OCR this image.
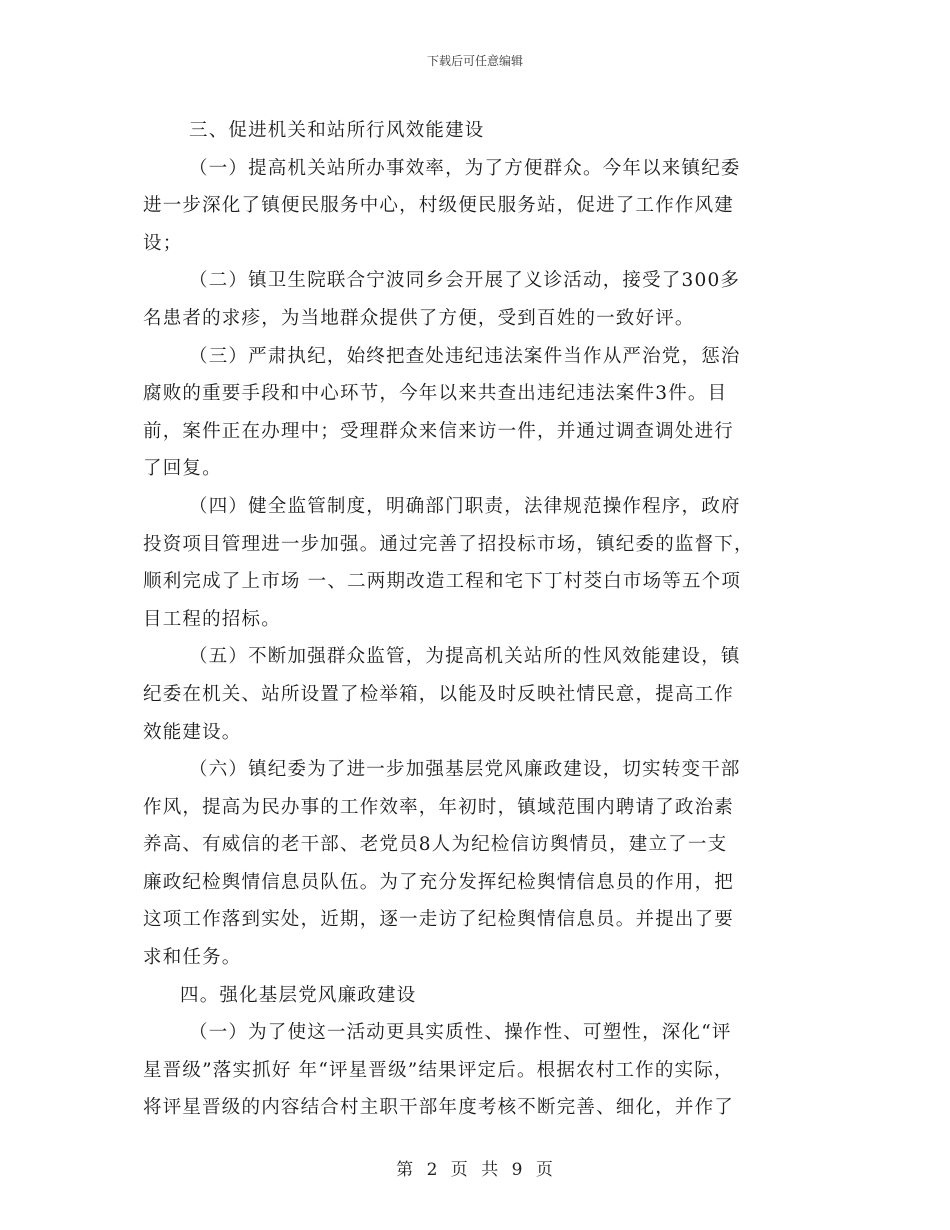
下载后可任意编辑
三、促进机关和站所行风效能建设
（一）提高机关站所办事效率，为了方便群众。今年以来镇纪委
进一步深化了镇便民服务中心，村级便民服务站，促进了工作作风建
设；
（二）镇卫生院联合宁波同乡会开展了义诊活动，接受了300多
名患者的求疹，为当地群众提供了方便，受到百姓的一致好评。
（三）严肃执纪，始终把查处违纪违法案件当作从严治党，惩治
腐败的重要手段和中心环节，今年以来共查出违纪违法案件3件。目
前，案件正在办理中；受理群众来信来访一件，并通过调查调处进行
了回复。
（四）健全监管制度，明确部门职责，法律规范操作程序，政府
投资项目管理进一步加强。通过完善了招投标市场，镇纪委的监督下，
顺利完成了上市场 一、二两期改造工程和宅下丁村茭白市场等五个项
目工程的招标。
（五）不断加强群众监管，为提高机关站所的性风效能建设，镇
纪委在机关、站所设置了检举箱，以能及时反映社情民意，提高工作
效能建设。
（六）镇纪委为了进一步加强基层党风廉政建设，切实转变干部
作风，提高为民办事的工作效率，年初时，镇域范围内聘请了政治素
养高、有威信的老干部、老党员8人为纪检信访舆情员，建立了一支
廉政纪检舆情信息员队伍。为了充分发挥纪检舆情信息员的作用，把
这项工作落到实处，近期，逐一走访了纪检舆情信息员。并提出了要
求和任务。
四。强化基层党风廉政建设
（一）为了使这一活动更具实质性、操作性、可塑性，深化“评
星晋级”落实抓好 年“评星晋级”结果评定后。根据农村工作的实际，
将评星晋级的内容结合村主职干部年度考核不断完善、细化，并作了
第 2 页 共 9 页
